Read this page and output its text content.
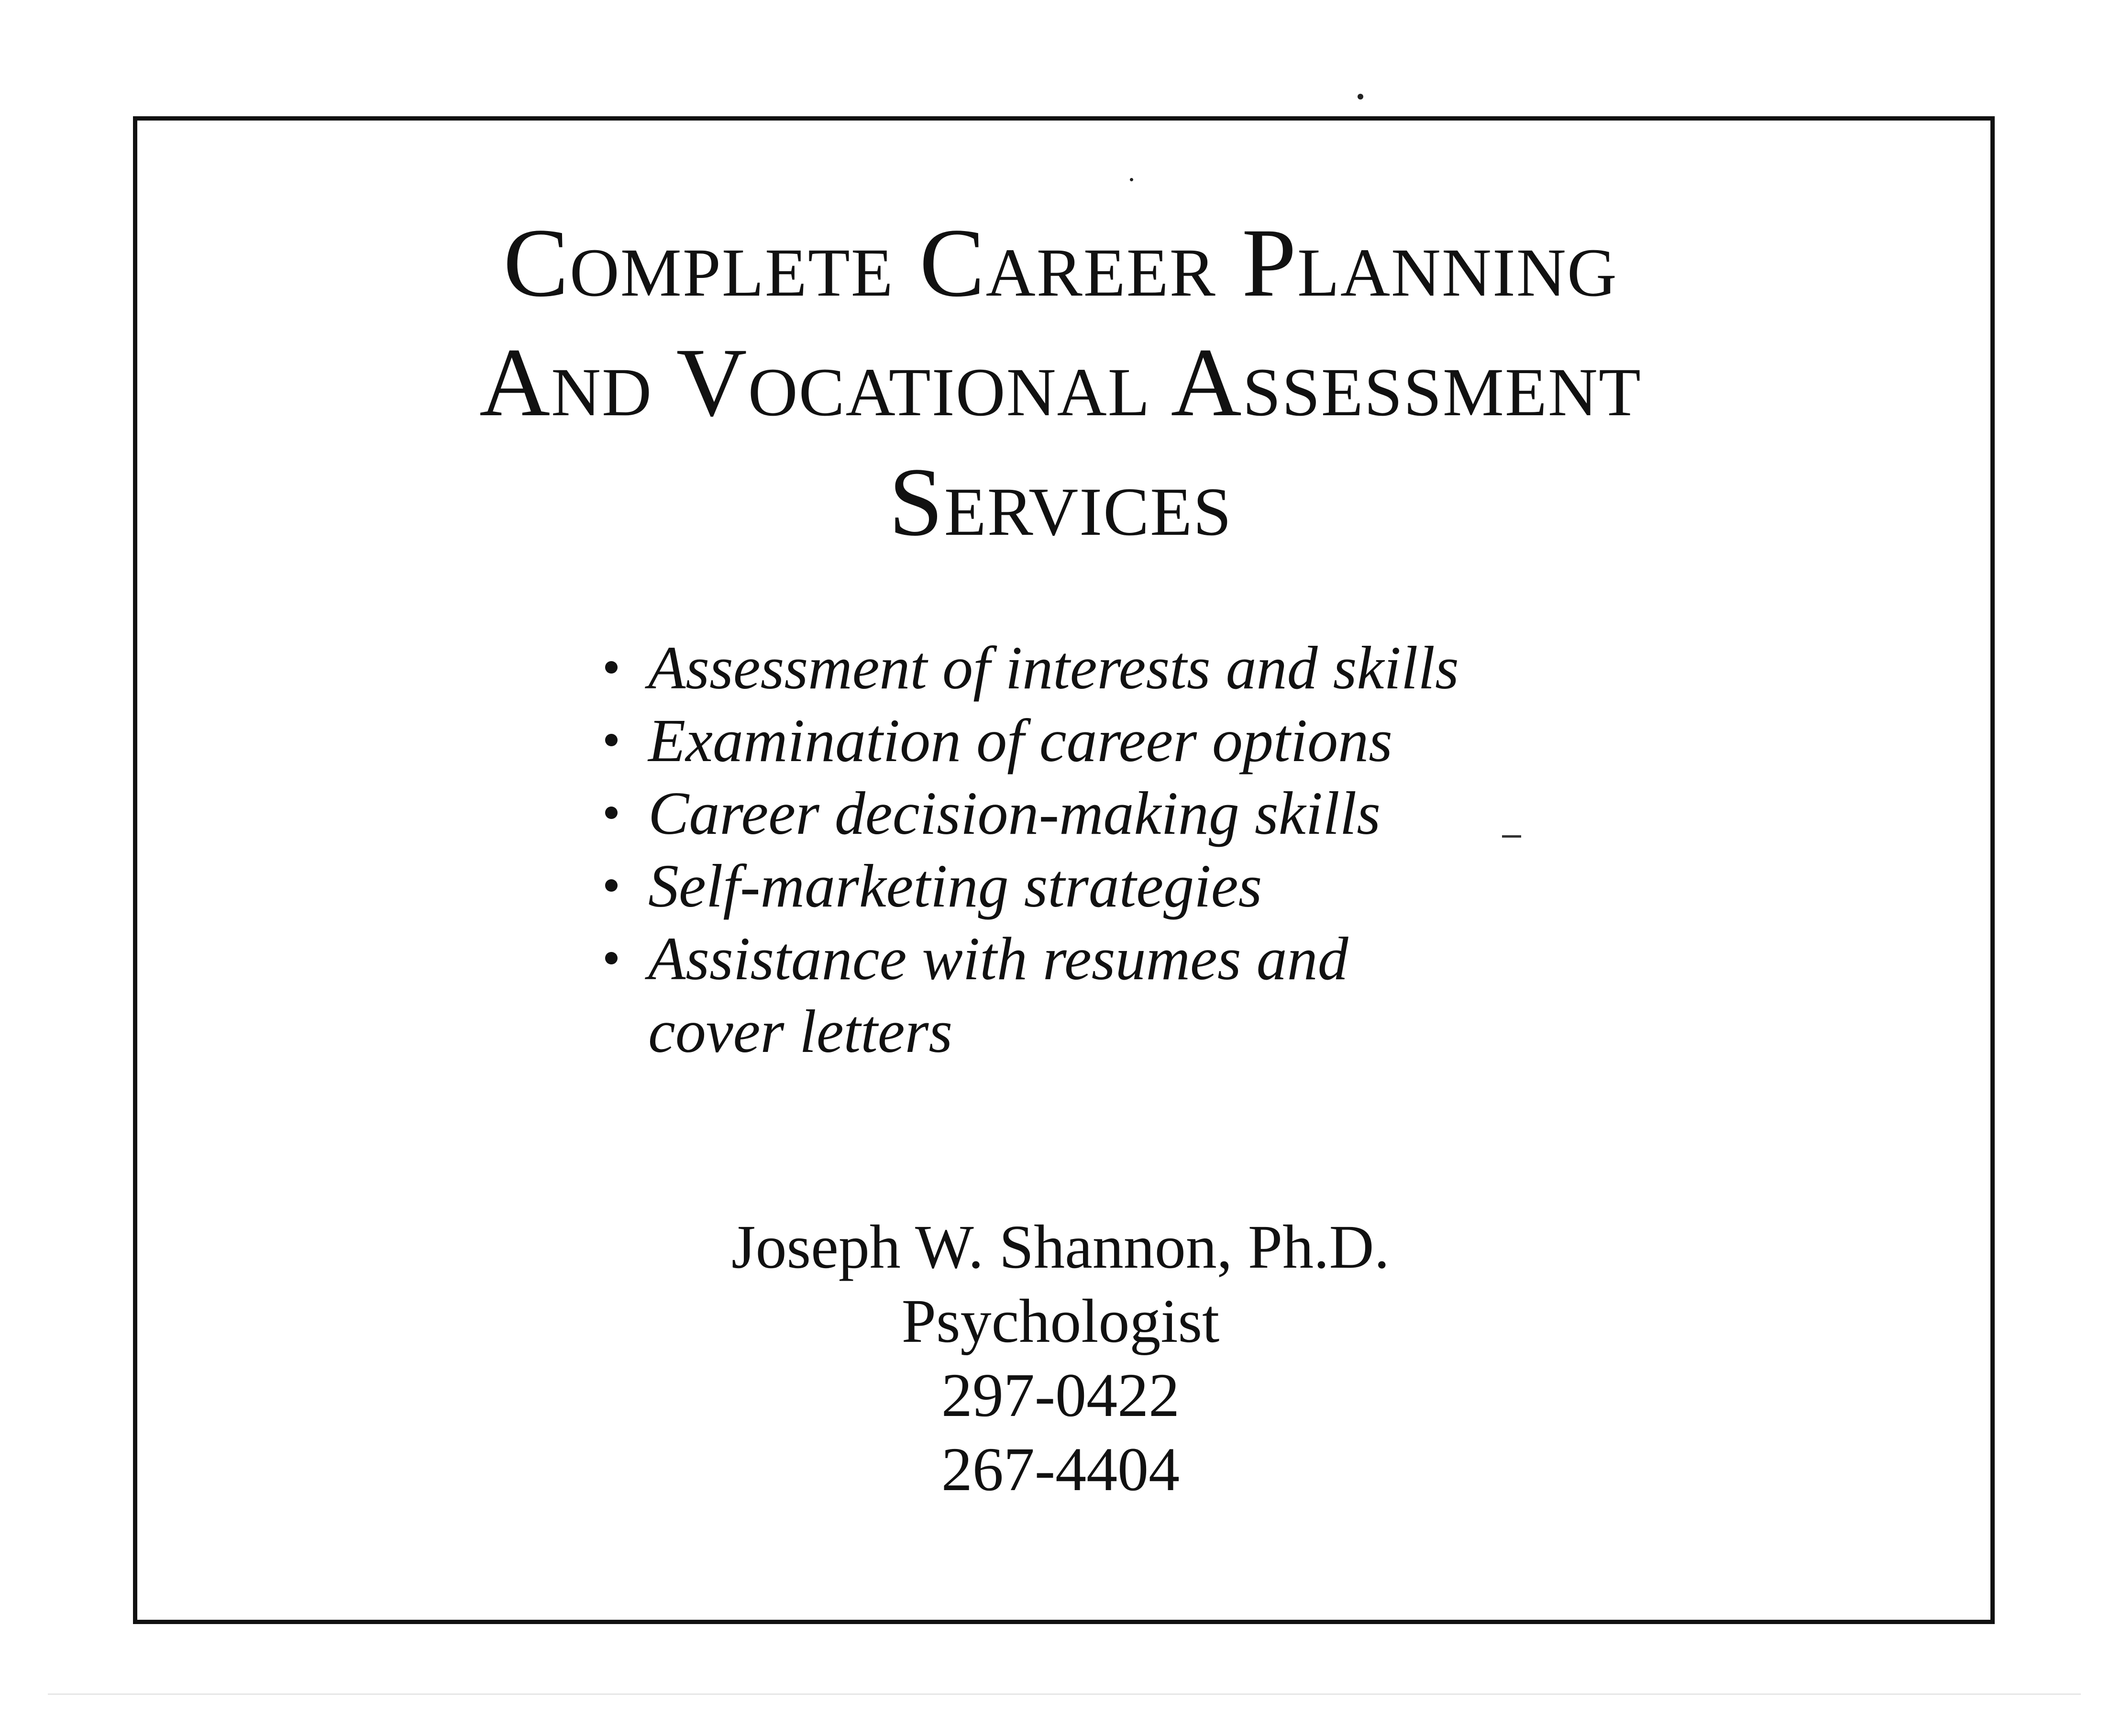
Complete Career Planning
And Vocational Assessment
Services
Assessment of interests and skills
Examination of career options
Career decision-making skills
Self-marketing strategies
Assistance with resumes and cover letters
Joseph W. Shannon, Ph.D.
Psychologist
297-0422
267-4404
